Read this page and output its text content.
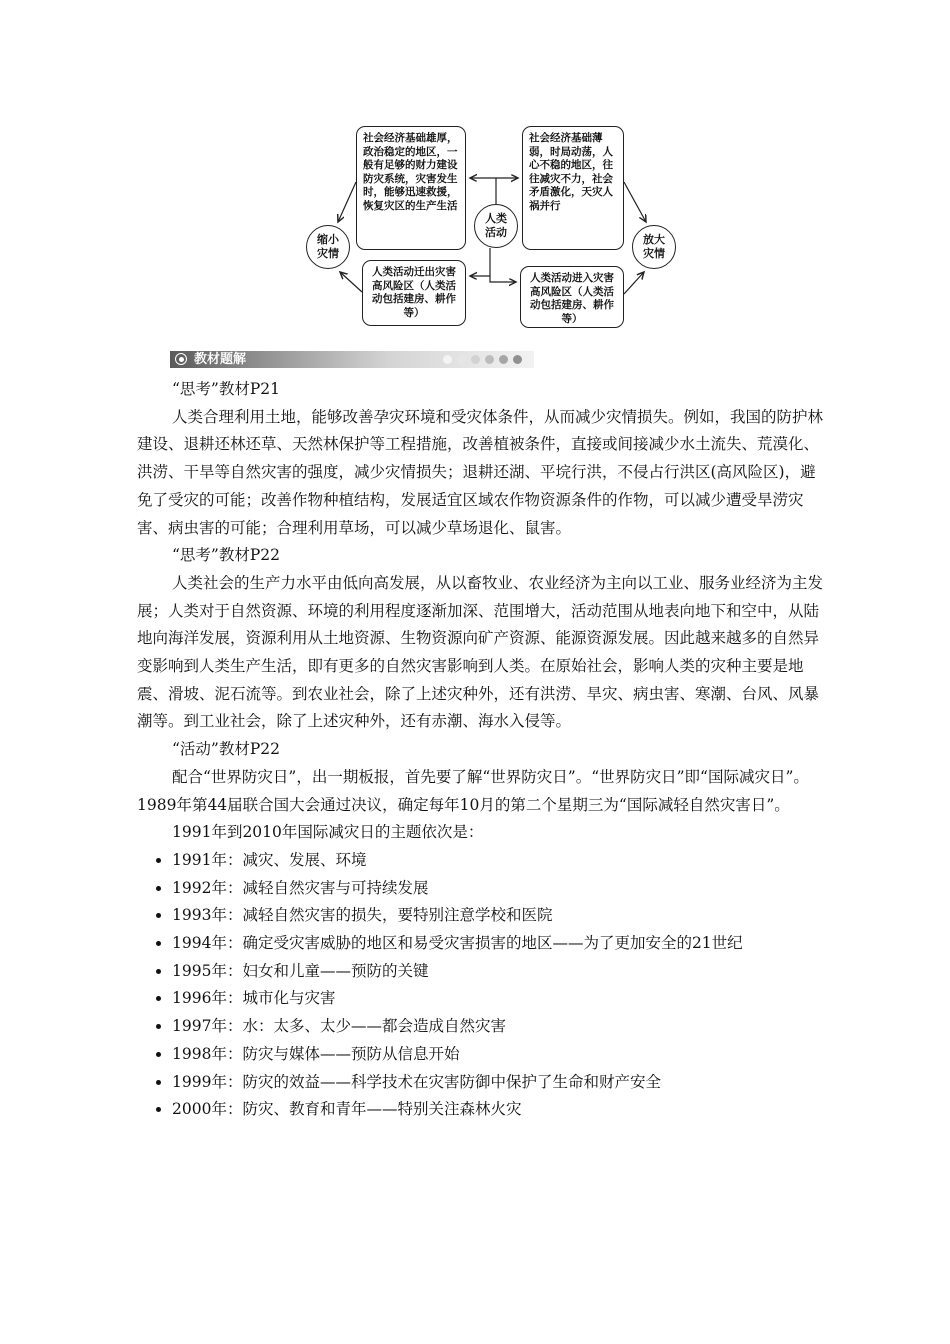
社会经济基础雄厚，政治稳定的地区，一般有足够的财力建设防灾系统，灾害发生时，能够迅速救援，恢复灾区的生产生活
社会经济基础薄弱，时局动荡，人心不稳的地区，往往减灾不力，社会矛盾激化，天灾人祸并行
人类活动迁出灾害高风险区（人类活动包括建房、耕作等）
人类活动进入灾害高风险区（人类活动包括建房、耕作等）
缩小灾情
人类活动
放大灾情
教材题解

“思考”教材P21

人类合理利用土地，能够改善孕灾环境和受灾体条件，从而减少灾情损失。例如，我国的防护林建设、退耕还林还草、天然林保护等工程措施，改善植被条件，直接或间接减少水土流失、荒漠化、洪涝、干旱等自然灾害的强度，减少灾情损失；退耕还湖、平垸行洪，不侵占行洪区(高风险区)，避免了受灾的可能；改善作物种植结构，发展适宜区域农作物资源条件的作物，可以减少遭受旱涝灾害、病虫害的可能；合理利用草场，可以减少草场退化、鼠害。

“思考”教材P22

人类社会的生产力水平由低向高发展，从以畜牧业、农业经济为主向以工业、服务业经济为主发展；人类对于自然资源、环境的利用程度逐渐加深、范围增大，活动范围从地表向地下和空中，从陆地向海洋发展，资源利用从土地资源、生物资源向矿产资源、能源资源发展。因此越来越多的自然异变影响到人类生产生活，即有更多的自然灾害影响到人类。在原始社会，影响人类的灾种主要是地震、滑坡、泥石流等。到农业社会，除了上述灾种外，还有洪涝、旱灾、病虫害、寒潮、台风、风暴潮等。到工业社会，除了上述灾种外，还有赤潮、海水入侵等。

“活动”教材P22

配合“世界防灾日”，出一期板报，首先要了解“世界防灾日”。“世界防灾日”即“国际减灾日”。1989年第44届联合国大会通过决议，确定每年10月的第二个星期三为“国际减轻自然灾害日”。

1991年到2010年国际减灾日的主题依次是：

• 1991年：减灾、发展、环境
• 1992年：减轻自然灾害与可持续发展
• 1993年：减轻自然灾害的损失，要特别注意学校和医院
• 1994年：确定受灾害威胁的地区和易受灾害损害的地区——为了更加安全的21世纪
• 1995年：妇女和儿童——预防的关键
• 1996年：城市化与灾害
• 1997年：水：太多、太少——都会造成自然灾害
• 1998年：防灾与媒体——预防从信息开始
• 1999年：防灾的效益——科学技术在灾害防御中保护了生命和财产安全
• 2000年：防灾、教育和青年——特别关注森林火灾
